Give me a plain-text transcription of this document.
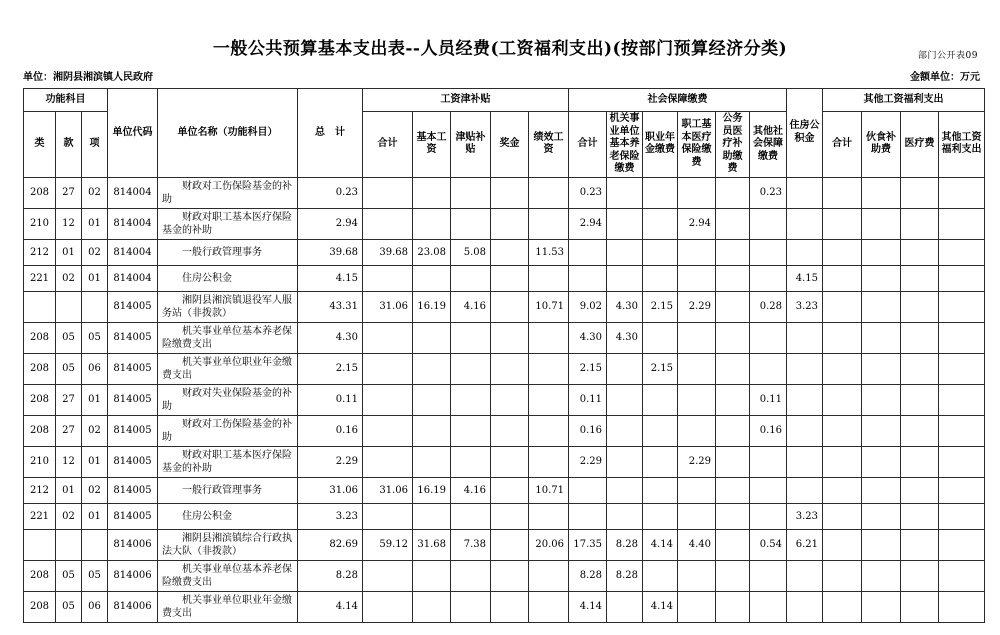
部门公开表09
一般公共预算基本支出表--人员经费(工资福利支出)(按部门预算经济分类)
单位：湘阴县湘滨镇人民政府	金额单位：万元
功能科目			单位代码	单位名称（功能科目）	总　计	工资津补贴					社会保障缴费						住房公积金	其他工资福利支出			
类	款	项				合计	基本工资	津贴补贴	奖金	绩效工资	合计	机关事业单位基本养老保险缴费	职业年金缴费	职工基本医疗保险缴费	公务员医疗补助缴费	其他社会保障缴费		合计	伙食补助费	医疗费	其他工资福利支出
208	27	02	814004	财政对工伤保险基金的补助	0.23						0.23					0.23					
210	12	01	814004	财政对职工基本医疗保险基金的补助	2.94						2.94			2.94							
212	01	02	814004	一般行政管理事务	39.68	39.68	23.08	5.08		11.53											
221	02	01	814004	住房公积金	4.15												4.15				
			814005	湘阴县湘滨镇退役军人服务站（非拨款）	43.31	31.06	16.19	4.16		10.71	9.02	4.30	2.15	2.29		0.28	3.23				
208	05	05	814005	机关事业单位基本养老保险缴费支出	4.30						4.30	4.30									
208	05	06	814005	机关事业单位职业年金缴费支出	2.15						2.15		2.15								
208	27	01	814005	财政对失业保险基金的补助	0.11						0.11					0.11					
208	27	02	814005	财政对工伤保险基金的补助	0.16						0.16					0.16					
210	12	01	814005	财政对职工基本医疗保险基金的补助	2.29						2.29			2.29							
212	01	02	814005	一般行政管理事务	31.06	31.06	16.19	4.16		10.71											
221	02	01	814005	住房公积金	3.23												3.23				
			814006	湘阴县湘滨镇综合行政执法大队（非拨款）	82.69	59.12	31.68	7.38		20.06	17.35	8.28	4.14	4.40		0.54	6.21				
208	05	05	814006	机关事业单位基本养老保险缴费支出	8.28						8.28	8.28									
208	05	06	814006	机关事业单位职业年金缴费支出	4.14						4.14		4.14								
